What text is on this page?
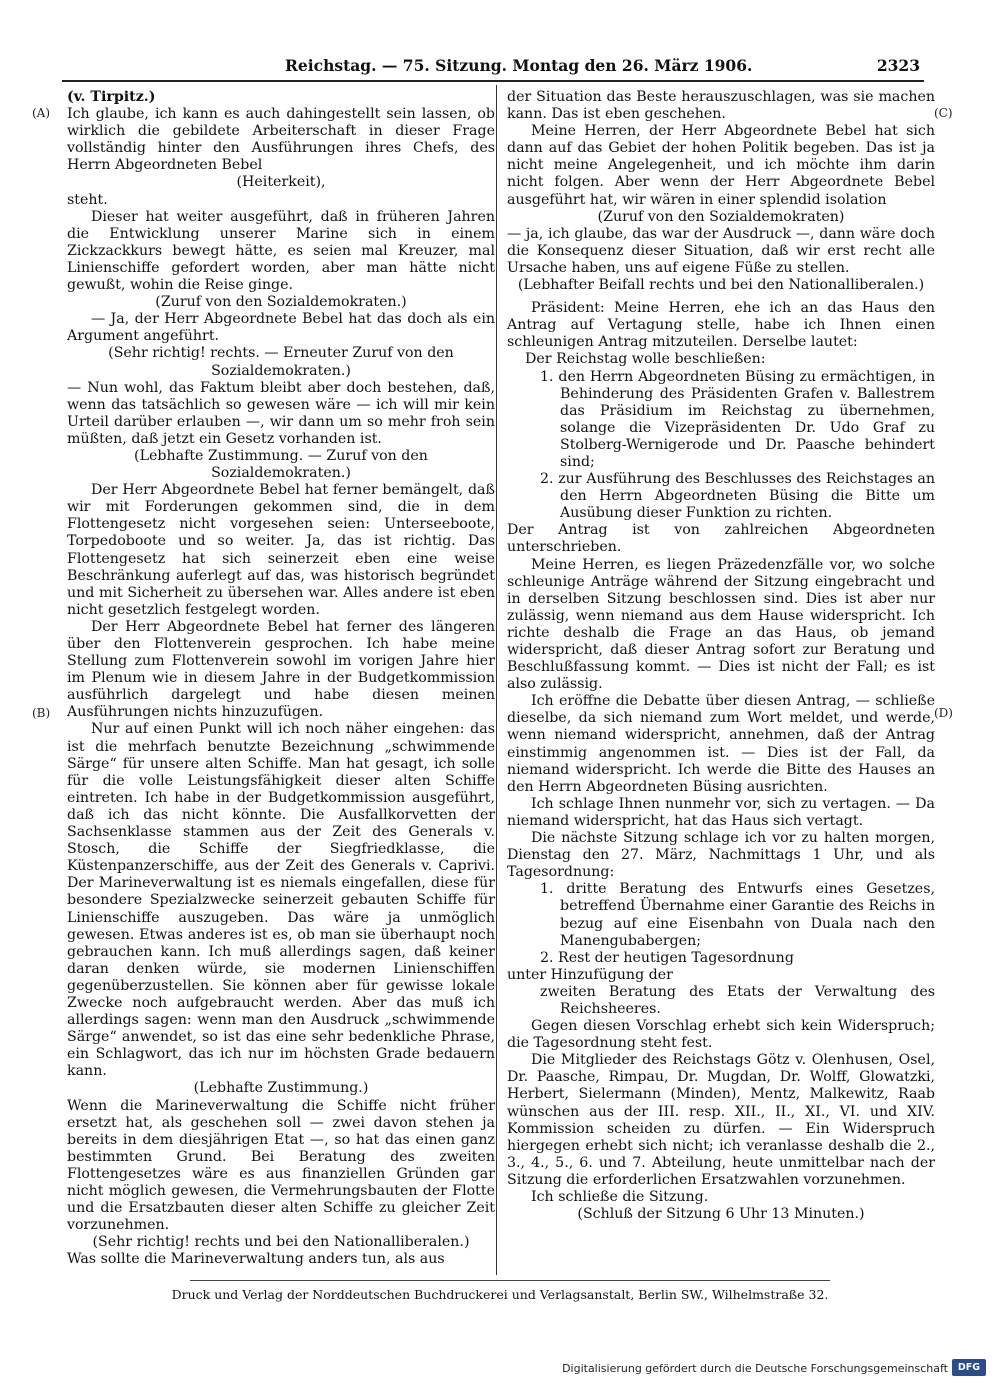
Reichstag. — 75. Sitzung. Montag den 26. März 1906.	2323
(A)
(B)
(C)
(D)

(v. Tirpitz.)

Ich glaube, ich kann es auch dahingestellt sein lassen, ob wirklich die gebildete Arbeiterschaft in dieser Frage vollständig hinter den Ausführungen ihres Chefs, des Herrn Abgeordneten Bebel

(Heiterkeit),

steht.

Dieser hat weiter ausgeführt, daß in früheren Jahren die Entwicklung unserer Marine sich in einem Zickzackkurs bewegt hätte, es seien mal Kreuzer, mal Linienschiffe gefordert worden, aber man hätte nicht gewußt, wohin die Reise ginge.

(Zuruf von den Sozialdemokraten.)

— Ja, der Herr Abgeordnete Bebel hat das doch als ein Argument angeführt.

(Sehr richtig! rechts. — Erneuter Zuruf von den Sozialdemokraten.)

— Nun wohl, das Faktum bleibt aber doch bestehen, daß, wenn das tatsächlich so gewesen wäre — ich will mir kein Urteil darüber erlauben —, wir dann um so mehr froh sein müßten, daß jetzt ein Gesetz vorhanden ist.

(Lebhafte Zustimmung. — Zuruf von den Sozialdemokraten.)

Der Herr Abgeordnete Bebel hat ferner bemängelt, daß wir mit Forderungen gekommen sind, die in dem Flottengesetz nicht vorgesehen seien: Unterseeboote, Torpedoboote und so weiter. Ja, das ist richtig. Das Flottengesetz hat sich seinerzeit eben eine weise Beschränkung auferlegt auf das, was historisch begründet und mit Sicherheit zu übersehen war. Alles andere ist eben nicht gesetzlich festgelegt worden.

Der Herr Abgeordnete Bebel hat ferner des längeren über den Flottenverein gesprochen. Ich habe meine Stellung zum Flottenverein sowohl im vorigen Jahre hier im Plenum wie in diesem Jahre in der Budgetkommission ausführlich dargelegt und habe diesen meinen Ausführungen nichts hinzuzufügen.

Nur auf einen Punkt will ich noch näher eingehen: das ist die mehrfach benutzte Bezeichnung „schwimmende Särge“ für unsere alten Schiffe. Man hat gesagt, ich solle für die volle Leistungsfähigkeit dieser alten Schiffe eintreten. Ich habe in der Budgetkommission ausgeführt, daß ich das nicht könnte. Die Ausfallkorvetten der Sachsenklasse stammen aus der Zeit des Generals v. Stosch, die Schiffe der Siegfriedklasse, die Küstenpanzerschiffe, aus der Zeit des Generals v. Caprivi. Der Marineverwaltung ist es niemals eingefallen, diese für besondere Spezialzwecke seinerzeit gebauten Schiffe für Linienschiffe auszugeben. Das wäre ja unmöglich gewesen. Etwas anderes ist es, ob man sie überhaupt noch gebrauchen kann. Ich muß allerdings sagen, daß keiner daran denken würde, sie modernen Linienschiffen gegenüberzustellen. Sie können aber für gewisse lokale Zwecke noch aufgebraucht werden. Aber das muß ich allerdings sagen: wenn man den Ausdruck „schwimmende Särge“ anwendet, so ist das eine sehr bedenkliche Phrase, ein Schlagwort, das ich nur im höchsten Grade bedauern kann.

(Lebhafte Zustimmung.)

Wenn die Marineverwaltung die Schiffe nicht früher ersetzt hat, als geschehen soll — zwei davon stehen ja bereits in dem diesjährigen Etat —, so hat das einen ganz bestimmten Grund. Bei Beratung des zweiten Flottengesetzes wäre es aus finanziellen Gründen gar nicht möglich gewesen, die Vermehrungsbauten der Flotte und die Ersatzbauten dieser alten Schiffe zu gleicher Zeit vorzunehmen.

(Sehr richtig! rechts und bei den Nationalliberalen.)

Was sollte die Marineverwaltung anders tun, als aus

der Situation das Beste herauszuschlagen, was sie machen kann. Das ist eben geschehen.

Meine Herren, der Herr Abgeordnete Bebel hat sich dann auf das Gebiet der hohen Politik begeben. Das ist ja nicht meine Angelegenheit, und ich möchte ihm darin nicht folgen. Aber wenn der Herr Abgeordnete Bebel ausgeführt hat, wir wären in einer splendid isolation

(Zuruf von den Sozialdemokraten)

— ja, ich glaube, das war der Ausdruck —, dann wäre doch die Konsequenz dieser Situation, daß wir erst recht alle Ursache haben, uns auf eigene Füße zu stellen.

(Lebhafter Beifall rechts und bei den Nationalliberalen.)

Präsident: Meine Herren, ehe ich an das Haus den Antrag auf Vertagung stelle, habe ich Ihnen einen schleunigen Antrag mitzuteilen. Derselbe lautet:

Der Reichstag wolle beschließen:

1. den Herrn Abgeordneten Büsing zu ermächtigen, in Behinderung des Präsidenten Grafen v. Ballestrem das Präsidium im Reichstag zu übernehmen, solange die Vizepräsidenten Dr. Udo Graf zu Stolberg-Wernigerode und Dr. Paasche behindert sind;

2. zur Ausführung des Beschlusses des Reichstages an den Herrn Abgeordneten Büsing die Bitte um Ausübung dieser Funktion zu richten.

Der Antrag ist von zahlreichen Abgeordneten unterschrieben.

Meine Herren, es liegen Präzedenzfälle vor, wo solche schleunige Anträge während der Sitzung eingebracht und in derselben Sitzung beschlossen sind. Dies ist aber nur zulässig, wenn niemand aus dem Hause widerspricht. Ich richte deshalb die Frage an das Haus, ob jemand widerspricht, daß dieser Antrag sofort zur Beratung und Beschlußfassung kommt. — Dies ist nicht der Fall; es ist also zulässig.

Ich eröffne die Debatte über diesen Antrag, — schließe dieselbe, da sich niemand zum Wort meldet, und werde, wenn niemand widerspricht, annehmen, daß der Antrag einstimmig angenommen ist. — Dies ist der Fall, da niemand widerspricht. Ich werde die Bitte des Hauses an den Herrn Abgeordneten Büsing ausrichten.

Ich schlage Ihnen nunmehr vor, sich zu vertagen. — Da niemand widerspricht, hat das Haus sich vertagt.

Die nächste Sitzung schlage ich vor zu halten morgen, Dienstag den 27. März, Nachmittags 1 Uhr, und als Tagesordnung:

1. dritte Beratung des Entwurfs eines Gesetzes, betreffend Übernahme einer Garantie des Reichs in bezug auf eine Eisenbahn von Duala nach den Manengubabergen;

2. Rest der heutigen Tagesordnung

unter Hinzufügung der

zweiten Beratung des Etats der Verwaltung des Reichsheeres.

Gegen diesen Vorschlag erhebt sich kein Widerspruch; die Tagesordnung steht fest.

Die Mitglieder des Reichstags Götz v. Olenhusen, Osel, Dr. Paasche, Rimpau, Dr. Mugdan, Dr. Wolff, Glowatzki, Herbert, Sielermann (Minden), Mentz, Malkewitz, Raab wünschen aus der III. resp. XII., II., XI., VI. und XIV. Kommission scheiden zu dürfen. — Ein Widerspruch hiergegen erhebt sich nicht; ich veranlasse deshalb die 2., 3., 4., 5., 6. und 7. Abteilung, heute unmittelbar nach der Sitzung die erforderlichen Ersatzwahlen vorzunehmen.

Ich schließe die Sitzung.

(Schluß der Sitzung 6 Uhr 13 Minuten.)

Druck und Verlag der Norddeutschen Buchdruckerei und Verlagsanstalt, Berlin SW., Wilhelmstraße 32.
Digitalisierung gefördert durch die Deutsche Forschungsgemeinschaft	DFG
